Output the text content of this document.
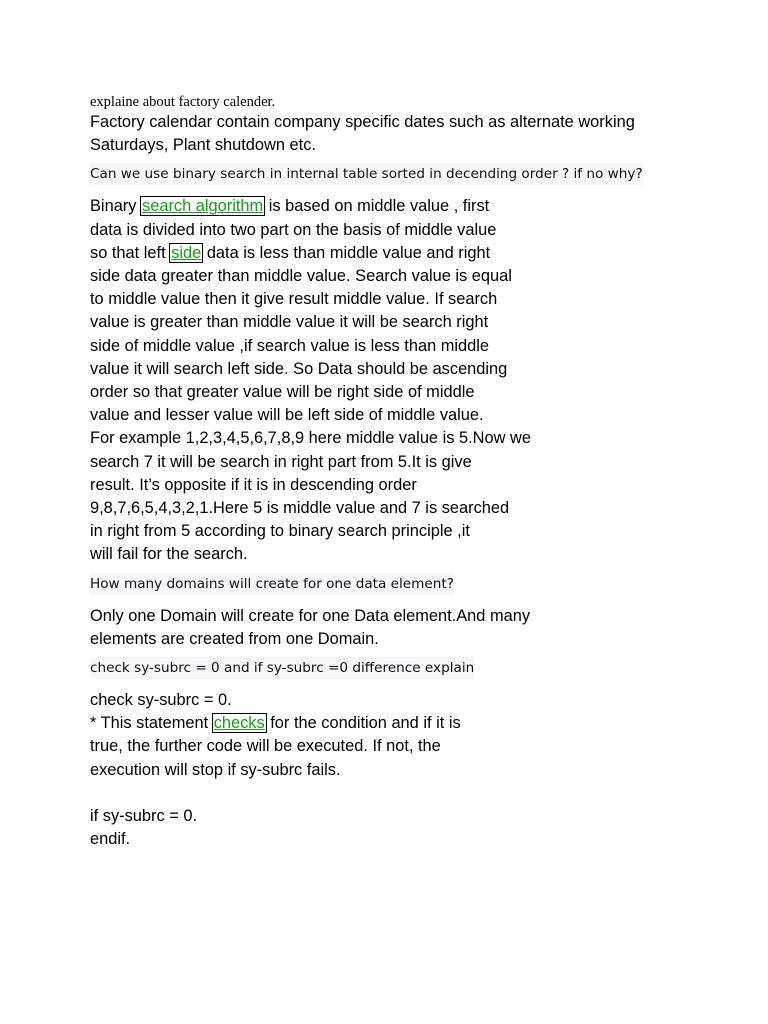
explaine about factory calender.

Factory calendar contain company specific dates such as alternate working

Saturdays, Plant shutdown etc.

Can we use binary search in internal table sorted in decending order ? if no why?

Binary search algorithm is based on middle value , first

data is divided into two part on the basis of middle value

so that left side data is less than middle value and right

side data greater than middle value. Search value is equal

to middle value then it give result middle value. If search

value is greater than middle value it will be search right

side of middle value ,if search value is less than middle

value it will search left side. So Data should be ascending

order so that greater value will be right side of middle

value and lesser value will be left side of middle value.

For example 1,2,3,4,5,6,7,8,9 here middle value is 5.Now we

search 7 it will be search in right part from 5.It is give

result. It’s opposite if it is in descending order

9,8,7,6,5,4,3,2,1.Here 5 is middle value and 7 is searched

in right from 5 according to binary search principle ,it

will fail for the search.

How many domains will create for one data element?

Only one Domain will create for one Data element.And many

elements are created from one Domain.

check sy-subrc = 0 and if sy-subrc =0 difference explain

check sy-subrc = 0.

* This statement checks for the condition and if it is

true, the further code will be executed. If not, the

execution will stop if sy-subrc fails.

if sy-subrc = 0.

endif.
